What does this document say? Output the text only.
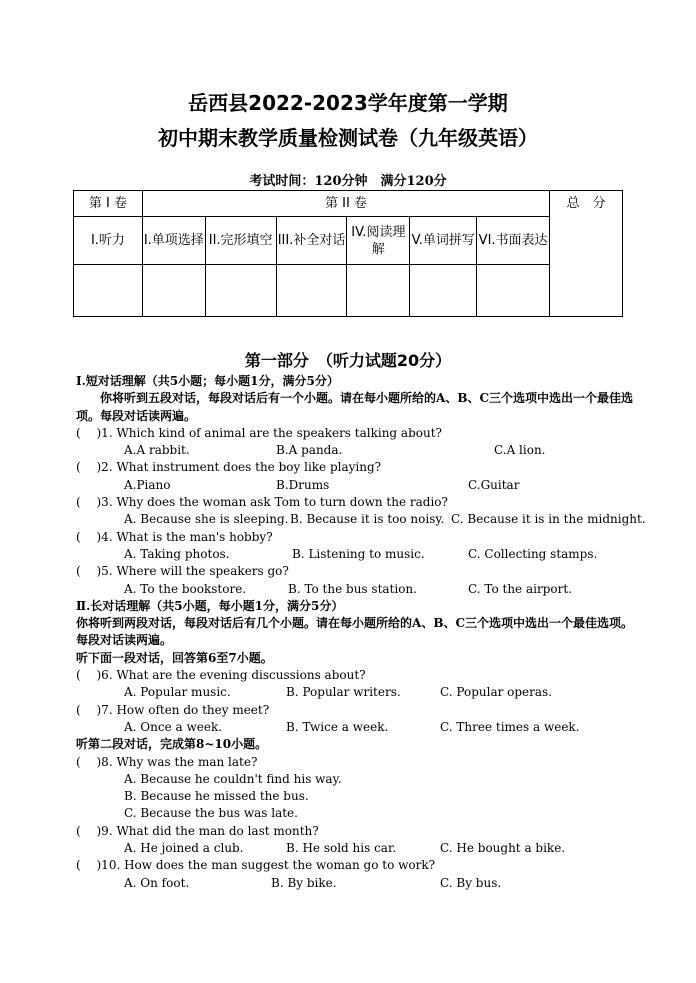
岳西县2022-2023学年度第一学期
初中期末教学质量检测试卷（九年级英语）
考试时间：120分钟　满分120分
第 I 卷	第 II 卷						总　分
I.听力	I.单项选择	II.完形填空	III.补全对话	IV.阅读理解	V.单词拼写	VI.书面表达	

第一部分　（听力试题20分）
I.短对话理解（共5小题；每小题1分，满分5分）
你将听到五段对话，每段对话后有一个小题。请在每小题所给的A、B、C三个选项中选出一个最佳选项。每段对话读两遍。
(　 )1. Which kind of animal are the speakers talking about?
A.A rabbit.	B.A panda.	C.A lion.
(　 )2. What instrument does the boy like playing?
A.Piano	B.Drums	C.Guitar
(　 )3. Why does the woman ask Tom to turn down the radio?
A. Because she is sleeping. B. Because it is too noisy. C. Because it is in the midnight.
(　 )4. What is the man's hobby?
A. Taking photos.	B. Listening to music.	C. Collecting stamps.
(　 )5. Where will the speakers go?
A. To the bookstore.	B. To the bus station.	C. To the airport.
Ⅱ.长对话理解（共5小题，每小题1分，满分5分）
你将听到两段对话，每段对话后有几个小题。请在每小题所给的A、B、C三个选项中选出一个最佳选项。每段对话读两遍。
听下面一段对话，回答第6至7小题。
(　 )6. What are the evening discussions about?
A. Popular music.	B. Popular writers.	C. Popular operas.
(　 )7. How often do they meet?
A. Once a week.	B. Twice a week.	C. Three times a week.
听第二段对话，完成第8~10小题。
(　 )8. Why was the man late?
A. Because he couldn't find his way.
B. Because he missed the bus.
C. Because the bus was late.
(　 )9. What did the man do last month?
A. He joined a club.	B. He sold his car.	C. He bought a bike.
(　 )10. How does the man suggest the woman go to work?
A. On foot.	B. By bike.	C. By bus.
